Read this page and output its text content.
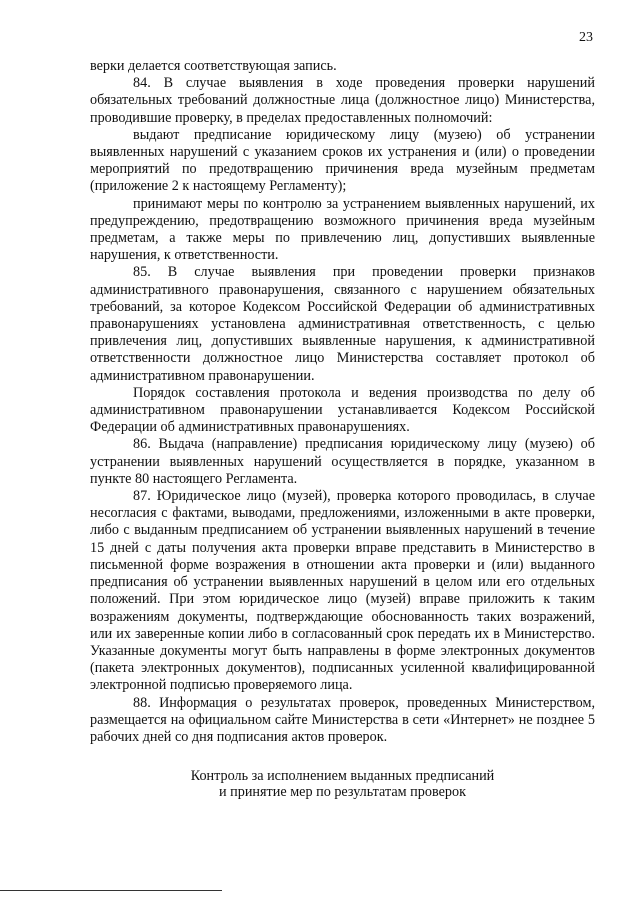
23

верки делается соответствующая запись.

84. В случае выявления в ходе проведения проверки нарушений обязательных требований должностные лица (должностное лицо) Министерства, проводившие проверку, в пределах предоставленных полномочий:

выдают предписание юридическому лицу (музею) об устранении выявленных нарушений с указанием сроков их устранения и (или) о проведении мероприятий по предотвращению причинения вреда музейным предметам (приложение 2 к настоящему Регламенту);

принимают меры по контролю за устранением выявленных нарушений, их предупреждению, предотвращению возможного причинения вреда музейным предметам, а также меры по привлечению лиц, допустивших выявленные нарушения, к ответственности.

85. В случае выявления при проведении проверки признаков административного правонарушения, связанного с нарушением обязательных требований, за которое Кодексом Российской Федерации об административных правонарушениях установлена административная ответственность, с целью привлечения лиц, допустивших выявленные нарушения, к административной ответственности должностное лицо Министерства составляет протокол об административном правонарушении.

Порядок составления протокола и ведения производства по делу об административном правонарушении устанавливается Кодексом Российской Федерации об административных правонарушениях.

86. Выдача (направление) предписания юридическому лицу (музею) об устранении выявленных нарушений осуществляется в порядке, указанном в пункте 80 настоящего Регламента.

87. Юридическое лицо (музей), проверка которого проводилась, в случае несогласия с фактами, выводами, предложениями, изложенными в акте проверки, либо с выданным предписанием об устранении выявленных нарушений в течение 15 дней с даты получения акта проверки вправе представить в Министерство в письменной форме возражения в отношении акта проверки и (или) выданного предписания об устранении выявленных нарушений в целом или его отдельных положений. При этом юридическое лицо (музей) вправе приложить к таким возражениям документы, подтверждающие обоснованность таких возражений, или их заверенные копии либо в согласованный срок передать их в Министерство. Указанные документы могут быть направлены в форме электронных документов (пакета электронных документов), подписанных усиленной квалифицированной электронной подписью проверяемого лица.

88. Информация о результатах проверок, проведенных Министерством, размещается на официальном сайте Министерства в сети «Интернет» не позднее 5 рабочих дней со дня подписания актов проверок.

Контроль за исполнением выданных предписаний
и принятие мер по результатам проверок
